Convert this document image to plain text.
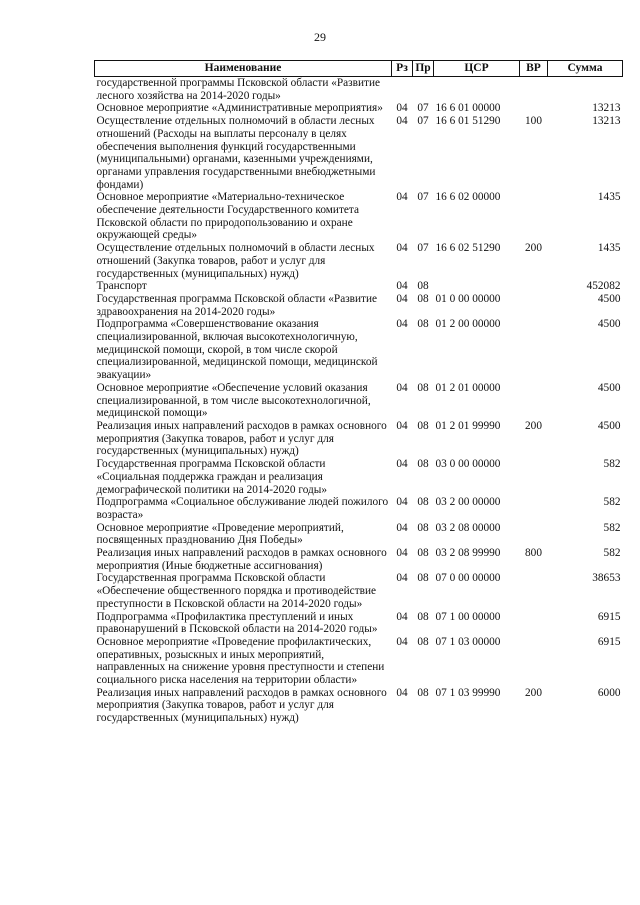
29
Наименование	Рз	Пр	ЦСР	ВР	Сумма
государственной программы Псковской области «Развитие лесного хозяйства на 2014-2020 годы»					
Основное мероприятие «Административные мероприятия»	04	07	16 6 01 00000		13213
Осуществление отдельных полномочий в области лесных отношений (Расходы на выплаты персоналу в целях обеспечения выполнения функций государственными (муниципальными) органами, казенными учреждениями, органами управления государственными внебюджетными фондами)	04	07	16 6 01 51290	100	13213
Основное мероприятие «Материально-техническое обеспечение деятельности Государственного комитета Псковской области по природопользованию и охране окружающей среды»	04	07	16 6 02 00000		1435
Осуществление отдельных полномочий в области лесных отношений (Закупка товаров, работ и услуг для государственных (муниципальных) нужд)	04	07	16 6 02 51290	200	1435
Транспорт	04	08			452082
Государственная программа Псковской области «Развитие здравоохранения на 2014-2020 годы»	04	08	01 0 00 00000		4500
Подпрограмма «Совершенствование оказания специализированной, включая высокотехнологичную, медицинской помощи, скорой, в том числе скорой специализированной, медицинской помощи, медицинской эвакуации»	04	08	01 2 00 00000		4500
Основное мероприятие «Обеспечение условий оказания специализированной, в том числе высокотехнологичной, медицинской помощи»	04	08	01 2 01 00000		4500
Реализация иных направлений расходов в рамках основного мероприятия (Закупка товаров, работ и услуг для государственных (муниципальных) нужд)	04	08	01 2 01 99990	200	4500
Государственная программа Псковской области «Социальная поддержка граждан и реализация демографической политики на 2014-2020 годы»	04	08	03 0 00 00000		582
Подпрограмма «Социальное обслуживание людей пожилого возраста»	04	08	03 2 00 00000		582
Основное мероприятие «Проведение мероприятий, посвященных празднованию Дня Победы»	04	08	03 2 08 00000		582
Реализация иных направлений расходов в рамках основного мероприятия (Иные бюджетные ассигнования)	04	08	03 2 08 99990	800	582
Государственная программа Псковской области «Обеспечение общественного порядка и противодействие преступности в Псковской области на 2014-2020 годы»	04	08	07 0 00 00000		38653
Подпрограмма «Профилактика преступлений и иных правонарушений в Псковской области на 2014-2020 годы»	04	08	07 1 00 00000		6915
Основное мероприятие «Проведение профилактических, оперативных, розыскных и иных мероприятий, направленных на снижение уровня преступности и степени социального риска населения на территории области»	04	08	07 1 03 00000		6915
Реализация иных направлений расходов в рамках основного мероприятия (Закупка товаров, работ и услуг для государственных (муниципальных) нужд)	04	08	07 1 03 99990	200	6000
